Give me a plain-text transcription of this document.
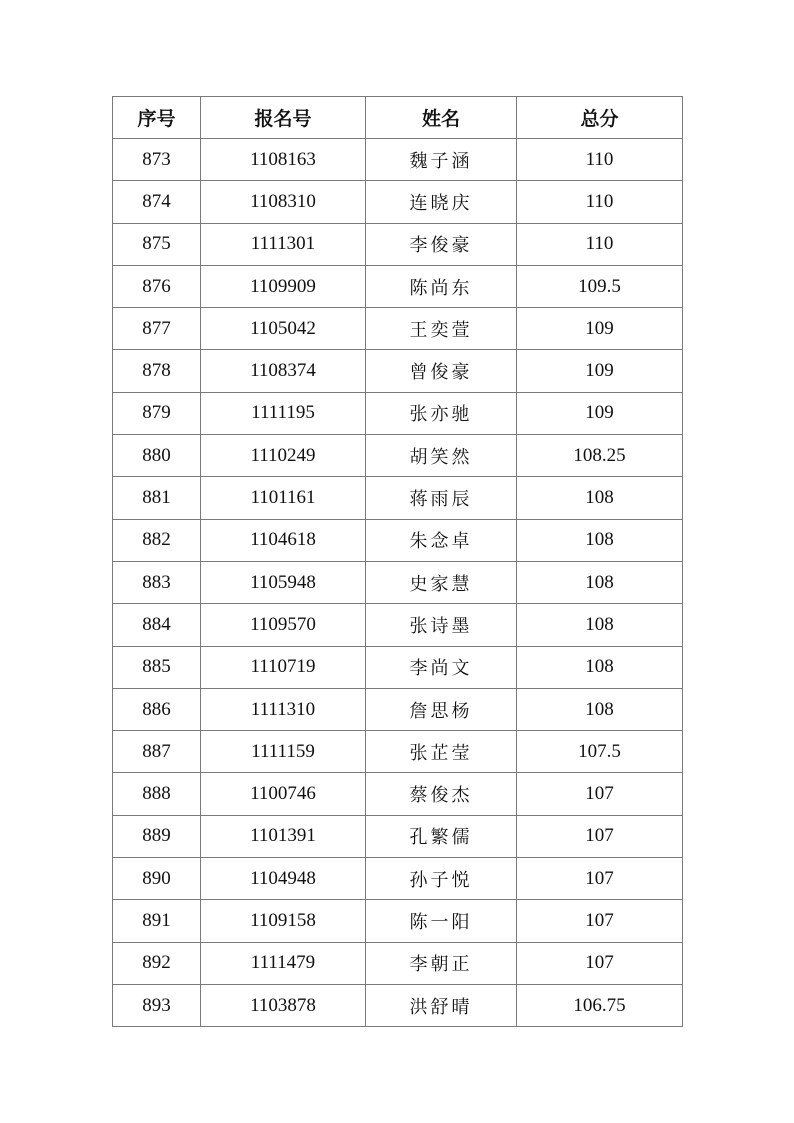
序号	报名号	姓名	总分
873	1108163	魏子涵	110
874	1108310	连晓庆	110
875	1111301	李俊豪	110
876	1109909	陈尚东	109.5
877	1105042	王奕萱	109
878	1108374	曾俊豪	109
879	1111195	张亦驰	109
880	1110249	胡笑然	108.25
881	1101161	蒋雨辰	108
882	1104618	朱念卓	108
883	1105948	史家慧	108
884	1109570	张诗墨	108
885	1110719	李尚文	108
886	1111310	詹思杨	108
887	1111159	张芷莹	107.5
888	1100746	蔡俊杰	107
889	1101391	孔繁儒	107
890	1104948	孙子悦	107
891	1109158	陈一阳	107
892	1111479	李朝正	107
893	1103878	洪舒晴	106.75
